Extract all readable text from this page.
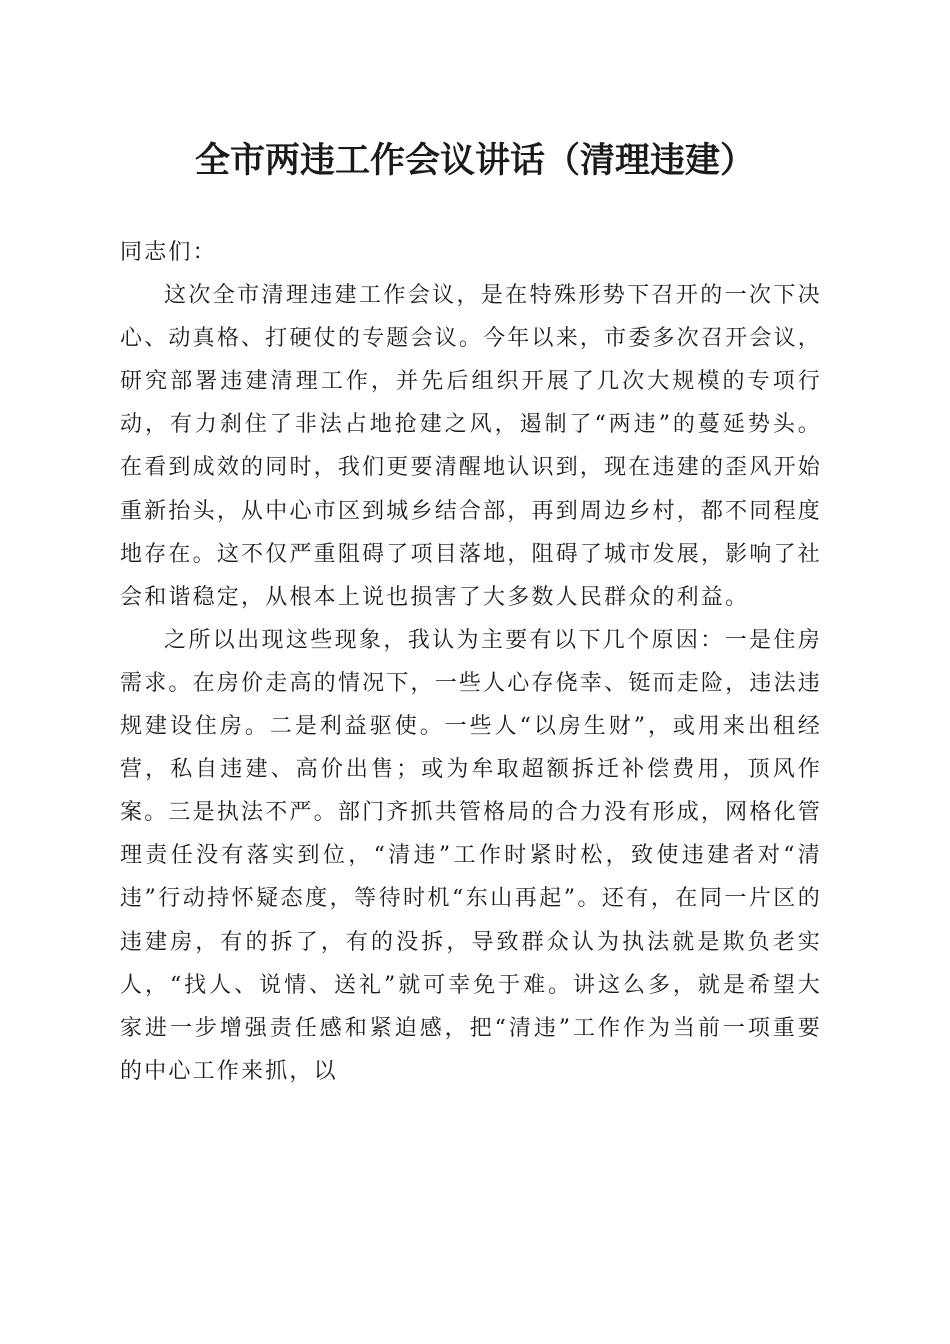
全市两违工作会议讲话（清理违建）

同志们：

这次全市清理违建工作会议，是在特殊形势下召开的一次下决心、动真格、打硬仗的专题会议。今年以来，市委多次召开会议，研究部署违建清理工作，并先后组织开展了几次大规模的专项行动，有力刹住了非法占地抢建之风，遏制了“两违”的蔓延势头。在看到成效的同时，我们更要清醒地认识到，现在违建的歪风开始重新抬头，从中心市区到城乡结合部，再到周边乡村，都不同程度地存在。这不仅严重阻碍了项目落地，阻碍了城市发展，影响了社会和谐稳定，从根本上说也损害了大多数人民群众的利益。

之所以出现这些现象，我认为主要有以下几个原因：一是住房需求。在房价走高的情况下，一些人心存侥幸、铤而走险，违法违规建设住房。二是利益驱使。一些人“以房生财”，或用来出租经营，私自违建、高价出售；或为牟取超额拆迁补偿费用，顶风作案。三是执法不严。部门齐抓共管格局的合力没有形成，网格化管理责任没有落实到位，“清违”工作时紧时松，致使违建者对“清违”行动持怀疑态度，等待时机“东山再起”。还有，在同一片区的违建房，有的拆了，有的没拆，导致群众认为执法就是欺负老实人，“找人、说情、送礼”就可幸免于难。讲这么多，就是希望大家进一步增强责任感和紧迫感，把“清违”工作作为当前一项重要的中心工作来抓，以
